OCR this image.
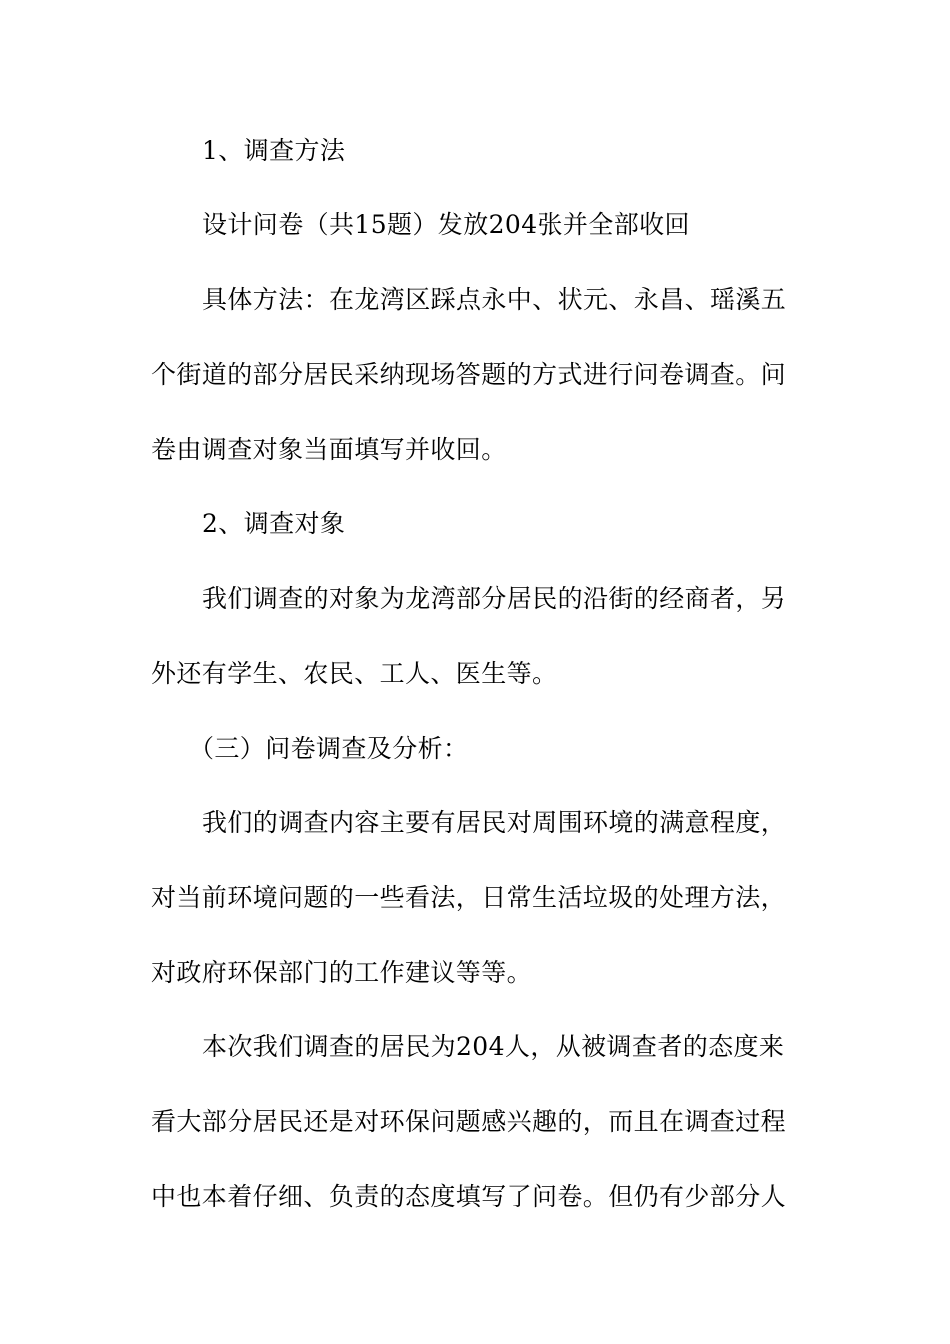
1、调查方法
设计问卷（共15题）发放204张并全部收回
具体方法：在龙湾区踩点永中、状元、永昌、瑶溪五
个街道的部分居民采纳现场答题的方式进行问卷调查。问
卷由调查对象当面填写并收回。
2、调查对象
我们调查的对象为龙湾部分居民的沿街的经商者，另
外还有学生、农民、工人、医生等。
（三）问卷调查及分析：
我们的调查内容主要有居民对周围环境的满意程度，
对当前环境问题的一些看法，日常生活垃圾的处理方法，
对政府环保部门的工作建议等等。
本次我们调查的居民为204人，从被调查者的态度来
看大部分居民还是对环保问题感兴趣的，而且在调查过程
中也本着仔细、负责的态度填写了问卷。但仍有少部分人
